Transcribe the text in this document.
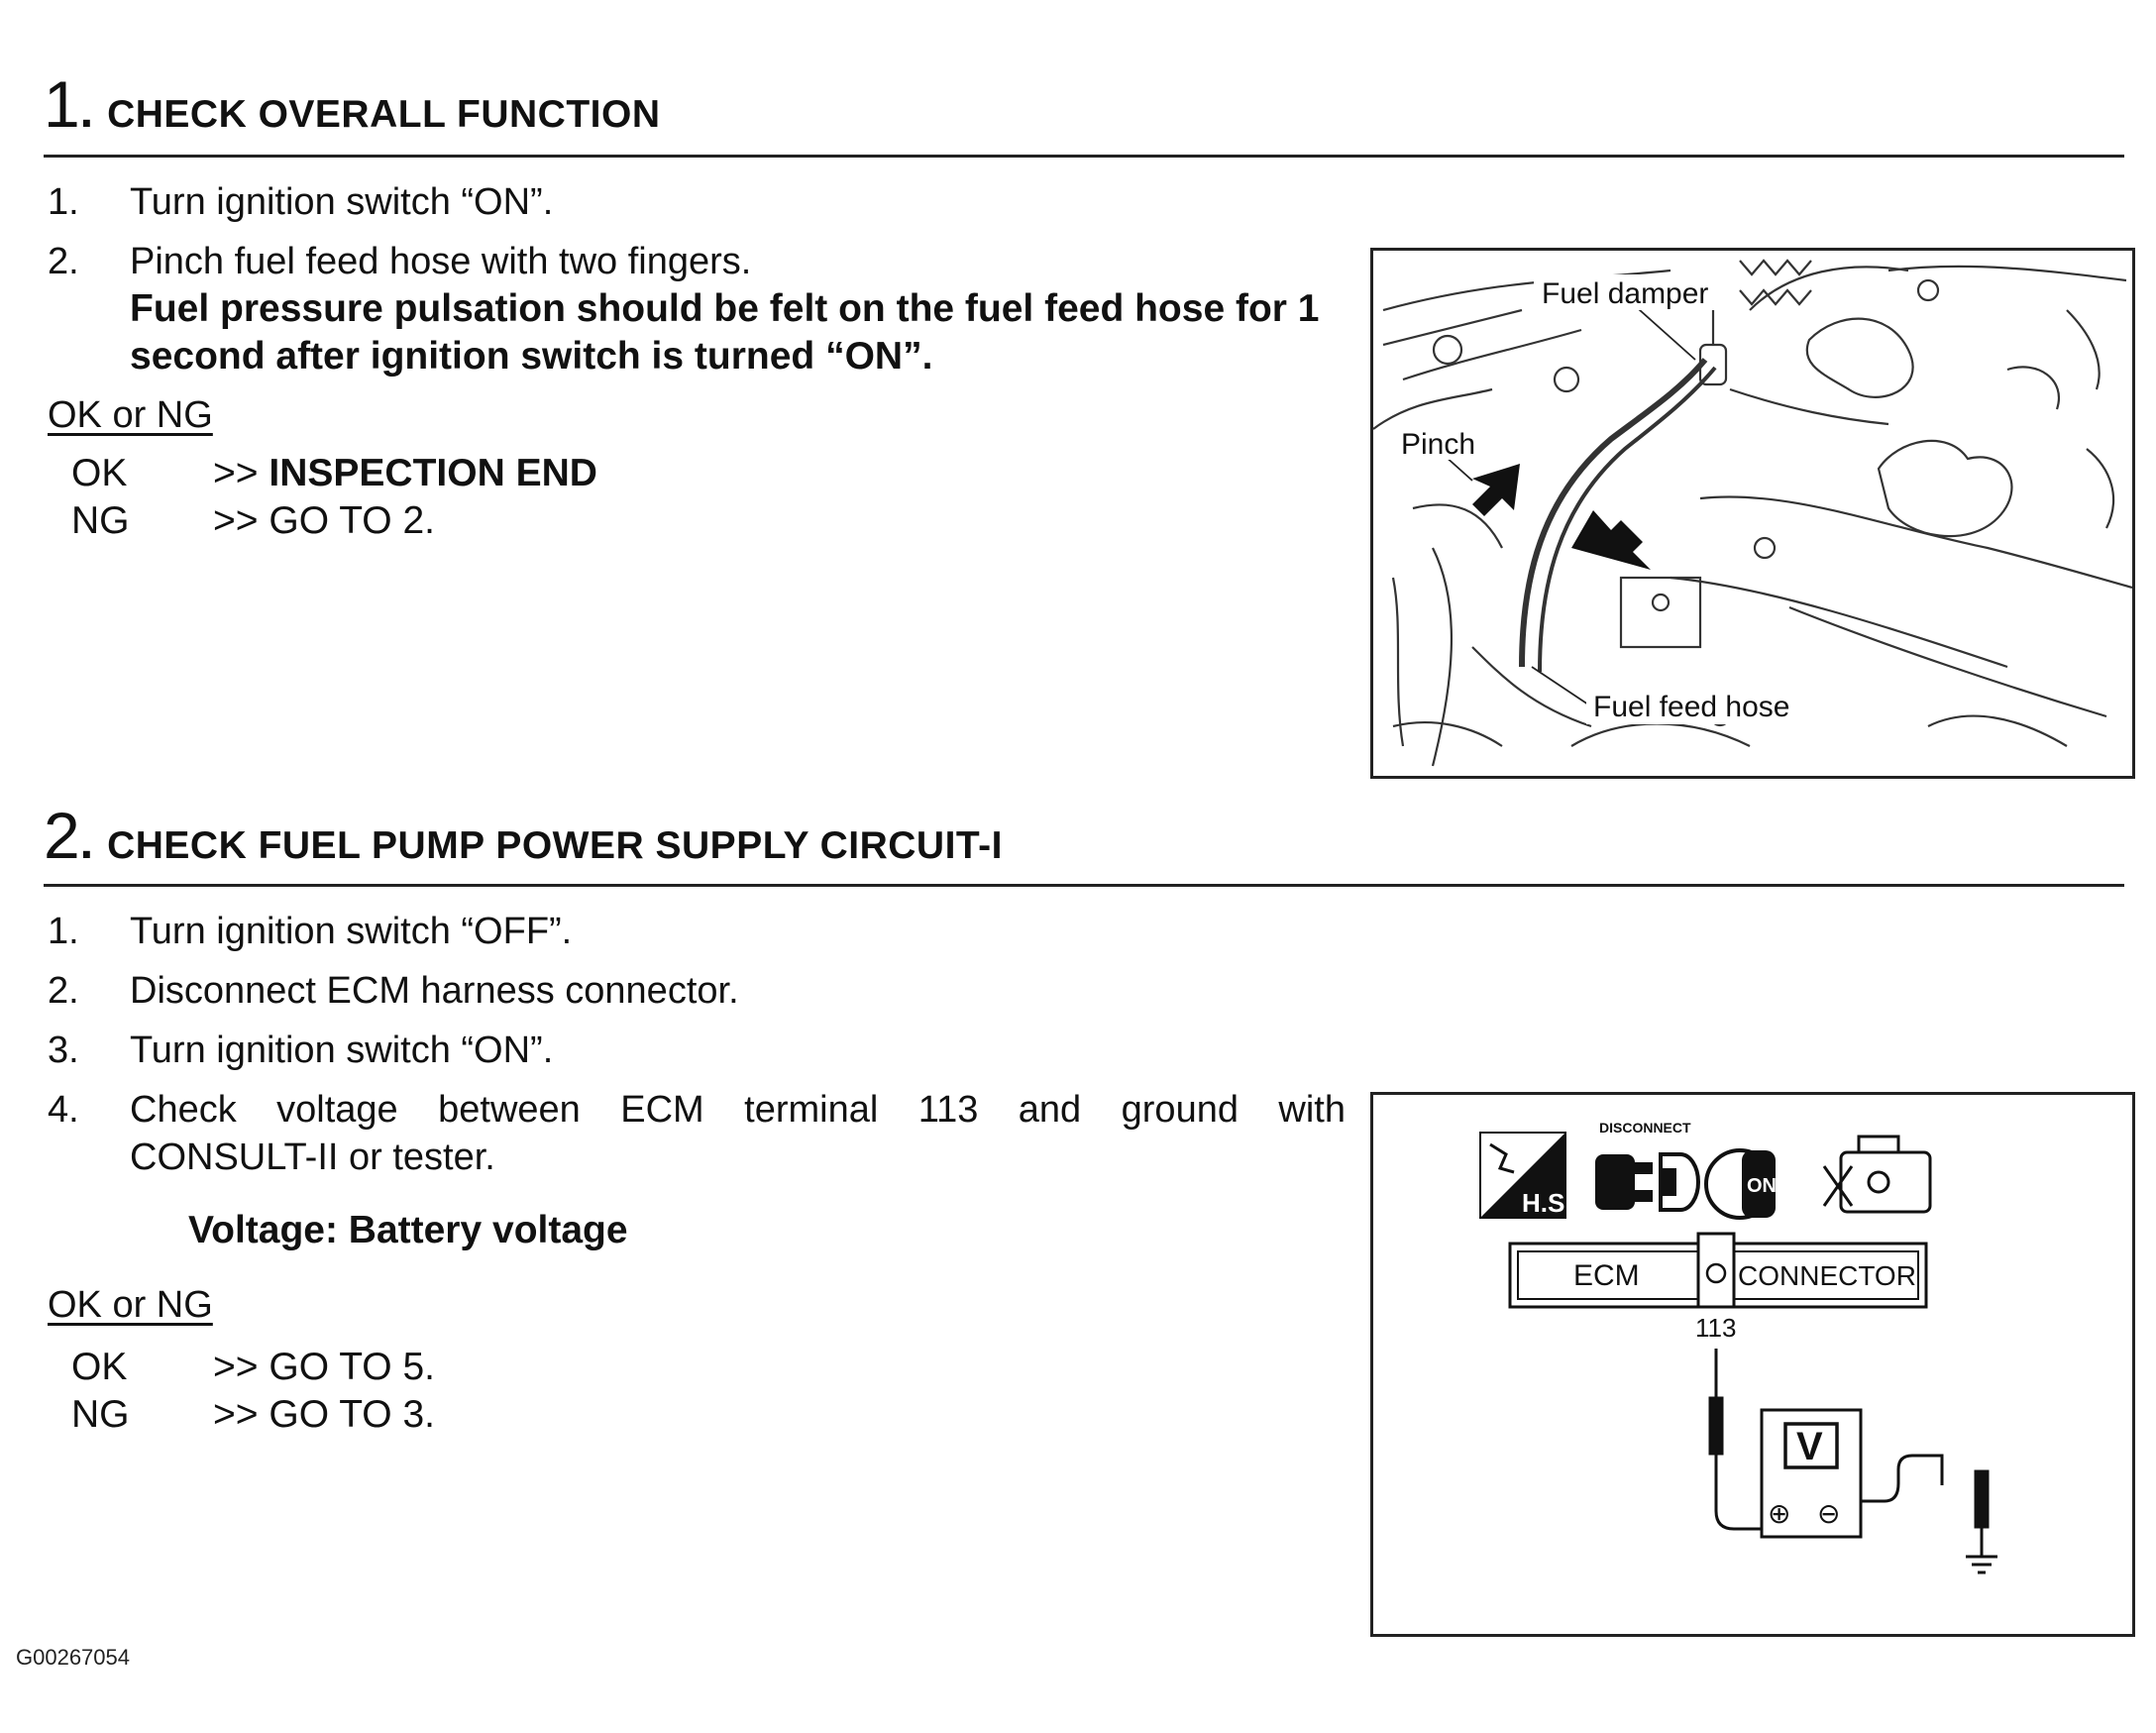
1 . CHECK OVERALL FUNCTION
1. Turn ignition switch “ON”.
2. Pinch fuel feed hose with two fingers.
Fuel pressure pulsation should be felt on the fuel feed hose for 1 second after ignition switch is turned “ON”.
OK or NG
OK >> INSPECTION END
NG >> GO TO 2.
Fuel damper
Pinch
Fuel feed hose
2 . CHECK FUEL PUMP POWER SUPPLY CIRCUIT-I
1. Turn ignition switch “OFF”.
2. Disconnect ECM harness connector.
3. Turn ignition switch “ON”.
4. Check voltage between ECM terminal 113 and ground with
CONSULT-II or tester.
Voltage: Battery voltage
OK or NG
OK >> GO TO 5.
NG >> GO TO 3.
H.S.
DISCONNECT
ON
ECM	CONNECTOR
113
V
⊕ ⊖
G00267054
